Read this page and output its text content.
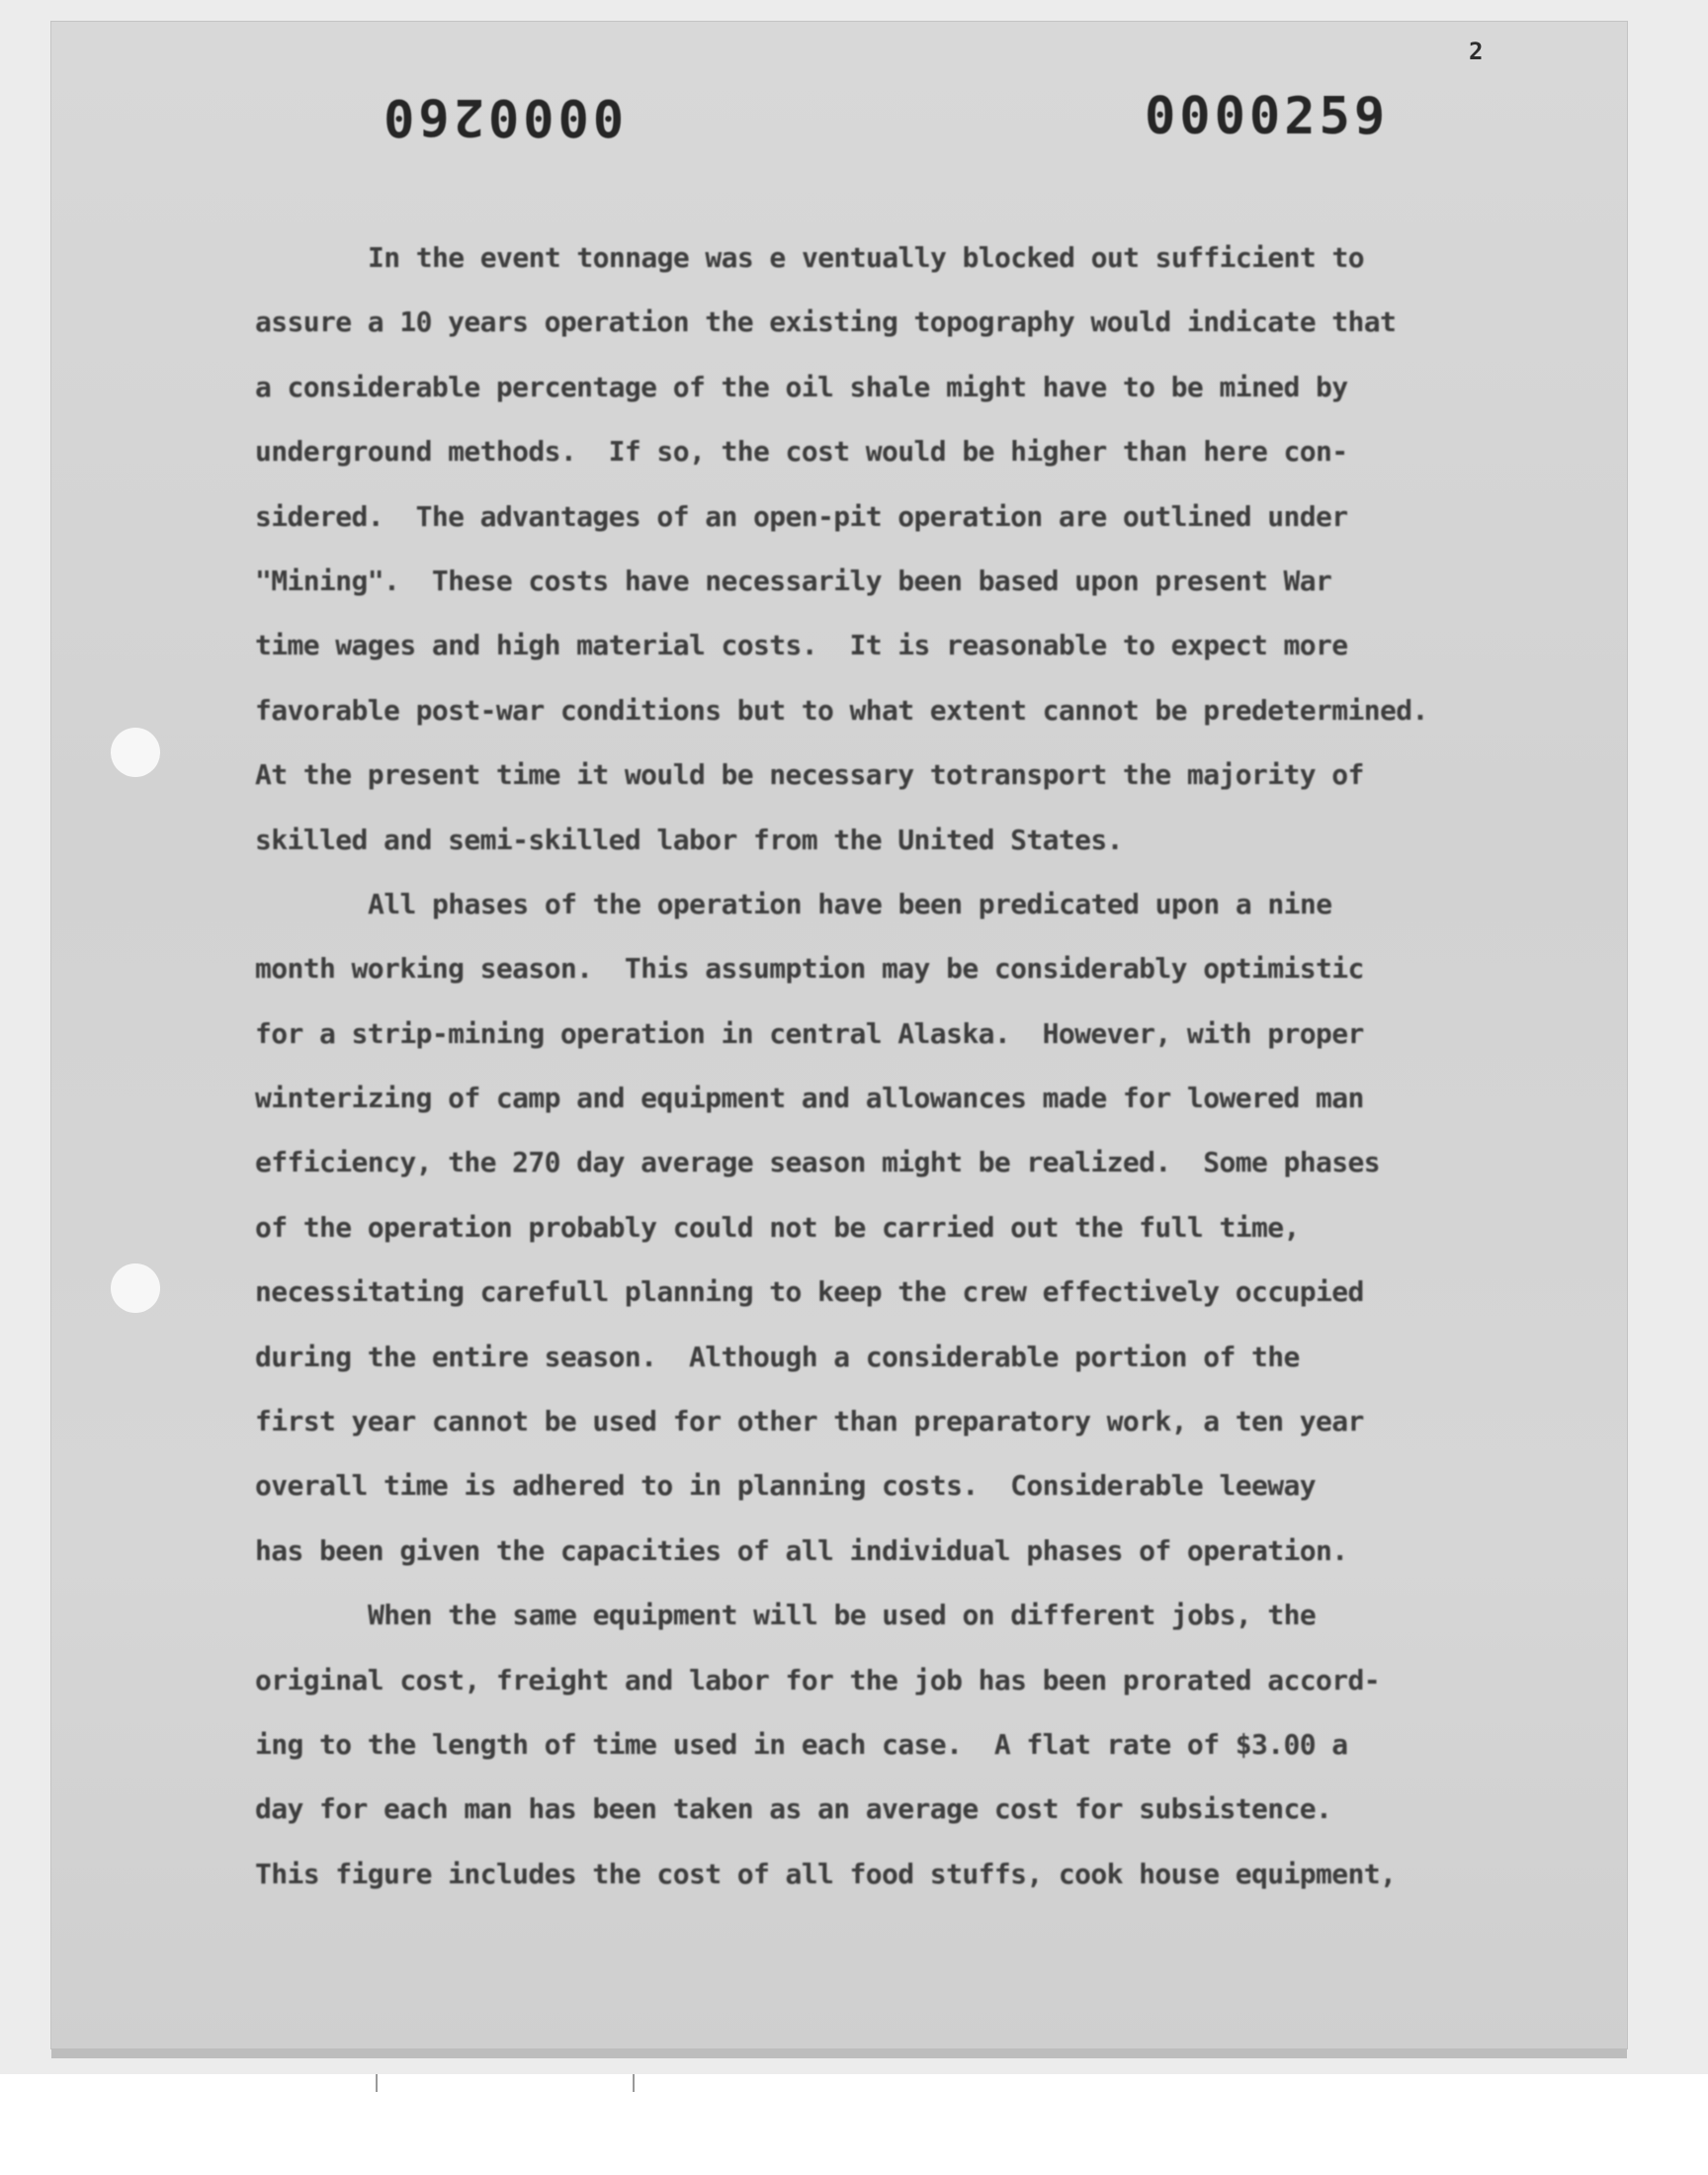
2
0000260	0000259
In the event tonnage was e ventually blocked out sufficient to
assure a 10 years operation the existing topography would indicate that
a considerable percentage of the oil shale might have to be mined by
underground methods.  If so, the cost would be higher than here con-
sidered.  The advantages of an open-pit operation are outlined under
"Mining".  These costs have necessarily been based upon present War
time wages and high material costs.  It is reasonable to expect more
favorable post-war conditions but to what extent cannot be predetermined.
At the present time it would be necessary totransport the majority of
skilled and semi-skilled labor from the United States.
All phases of the operation have been predicated upon a nine
month working season.  This assumption may be considerably optimistic
for a strip-mining operation in central Alaska.  However, with proper
winterizing of camp and equipment and allowances made for lowered man
efficiency, the 270 day average season might be realized.  Some phases
of the operation probably could not be carried out the full time,
necessitating carefull planning to keep the crew effectively occupied
during the entire season.  Although a considerable portion of the
first year cannot be used for other than preparatory work, a ten year
overall time is adhered to in planning costs.  Considerable leeway
has been given the capacities of all individual phases of operation.
When the same equipment will be used on different jobs, the
original cost, freight and labor for the job has been prorated accord-
ing to the length of time used in each case.  A flat rate of $3.00 a
day for each man has been taken as an average cost for subsistence.
This figure includes the cost of all food stuffs, cook house equipment,
